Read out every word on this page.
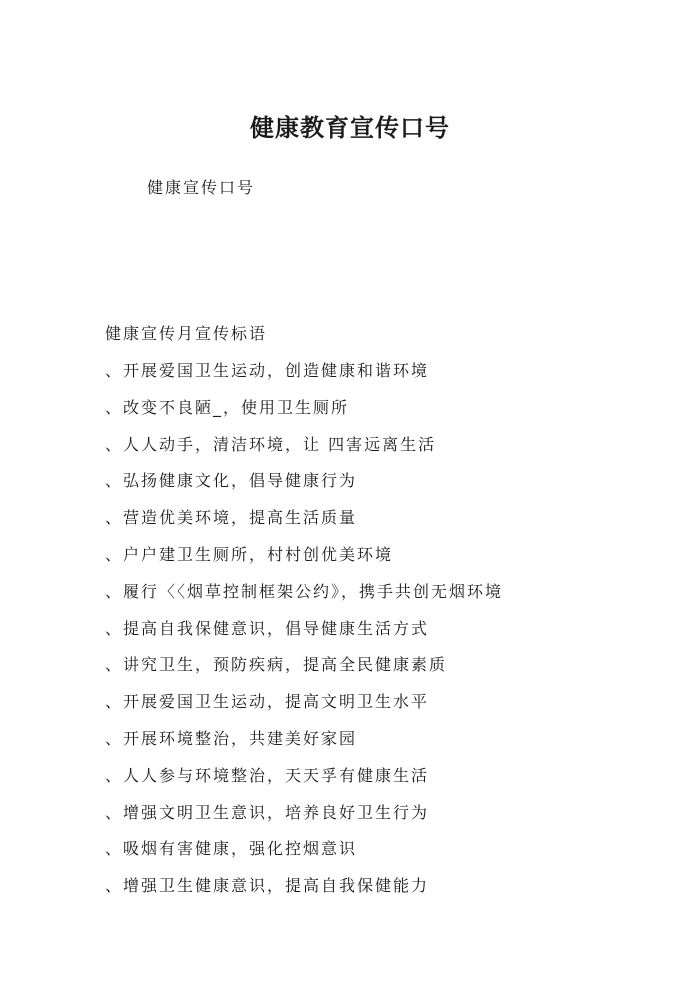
健康教育宣传口号
健康宣传口号
健康宣传月宣传标语
、开展爱国卫生运动，创造健康和谐环境
、改变不良陋_，使用卫生厕所
、人人动手，清洁环境，让 四害远离生活
、弘扬健康文化，倡导健康行为
、营造优美环境，提高生活质量
、户户建卫生厕所，村村创优美环境
、履行〈〈烟草控制框架公约》，携手共创无烟环境
、提高自我保健意识，倡导健康生活方式
、讲究卫生，预防疾病，提高全民健康素质
、开展爱国卫生运动，提高文明卫生水平
、开展环境整治，共建美好家园
、人人参与环境整治，天天孚有健康生活
、增强文明卫生意识，培养良好卫生行为
、吸烟有害健康，强化控烟意识
、增强卫生健康意识，提高自我保健能力
